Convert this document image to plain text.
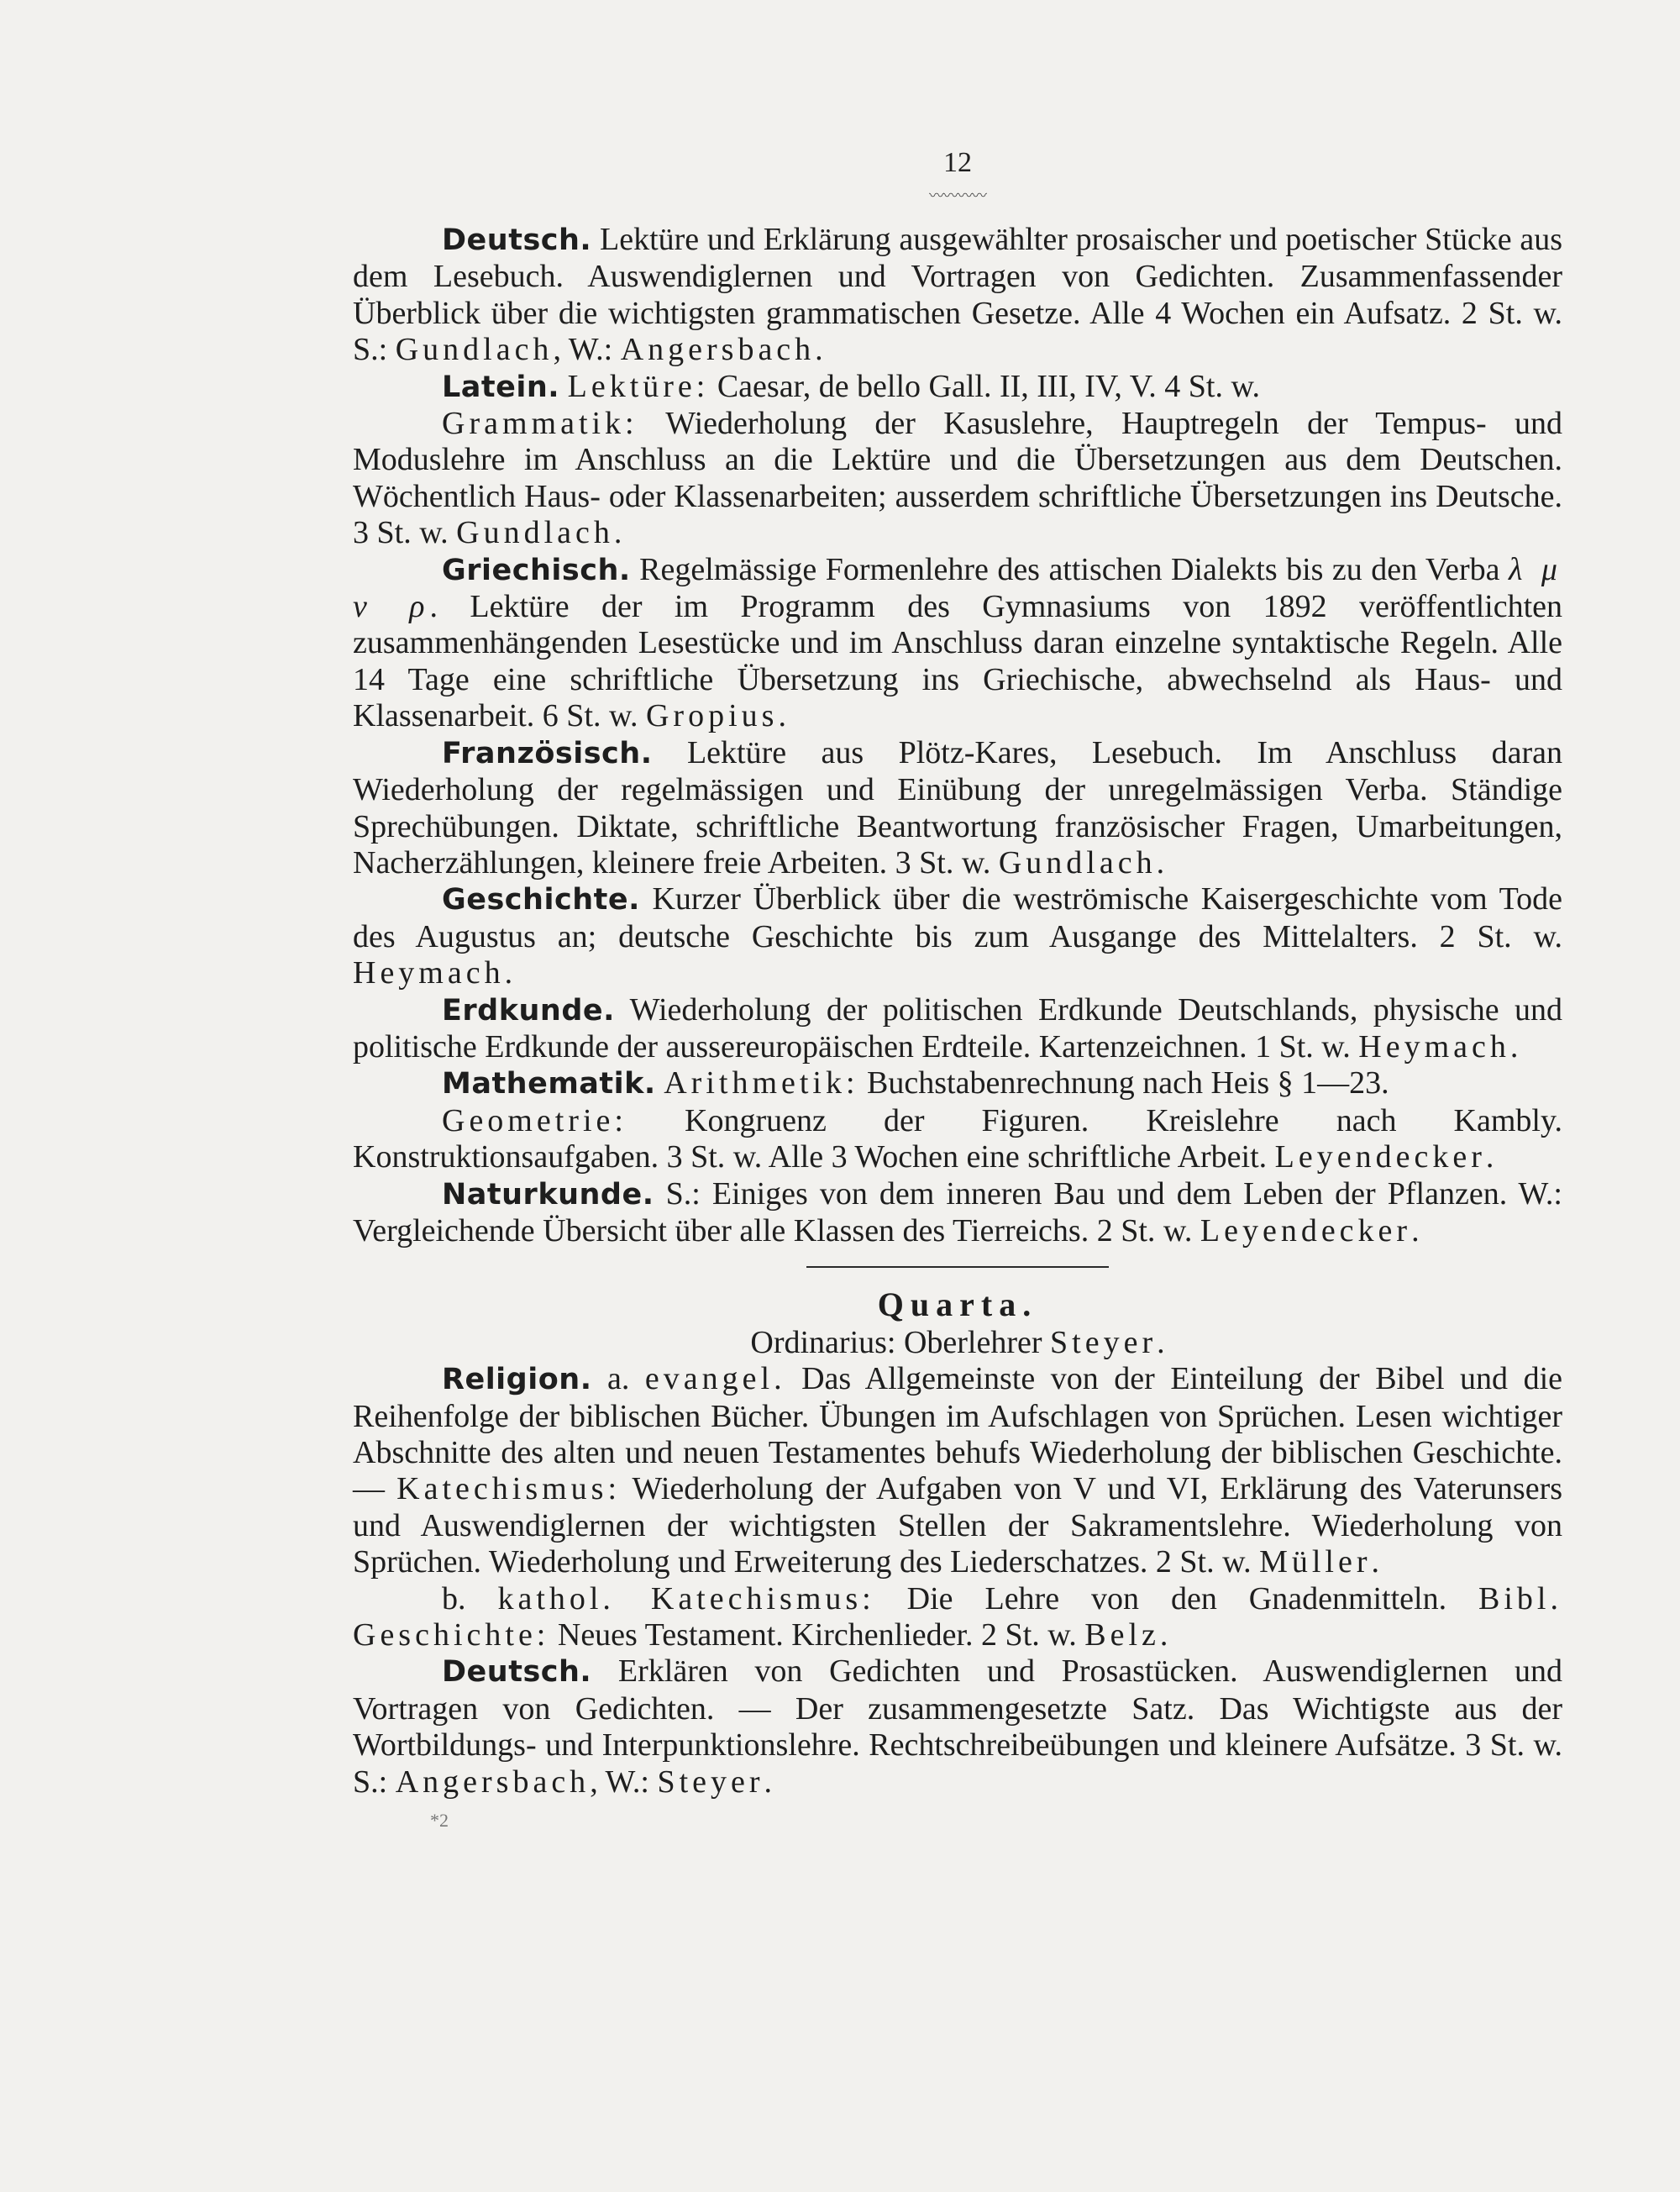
12
〰〰〰〰

Deutsch. Lektüre und Erklärung ausgewählter prosaischer und poetischer Stücke aus dem Lesebuch. Auswendiglernen und Vortragen von Gedichten. Zusammenfassender Überblick über die wichtigsten grammatischen Gesetze. Alle 4 Wochen ein Aufsatz. 2 St. w. S.: Gundlach, W.: Angersbach.

Latein. Lektüre: Caesar, de bello Gall. II, III, IV, V. 4 St. w.

Grammatik: Wiederholung der Kasuslehre, Hauptregeln der Tempus- und Moduslehre im Anschluss an die Lektüre und die Übersetzungen aus dem Deutschen. Wöchentlich Haus- oder Klassenarbeiten; ausserdem schriftliche Übersetzungen ins Deutsche. 3 St. w. Gundlach.

Griechisch. Regelmässige Formenlehre des attischen Dialekts bis zu den Verba λ μ ν ρ. Lektüre der im Programm des Gymnasiums von 1892 veröffentlichten zusammenhängenden Lesestücke und im Anschluss daran einzelne syntaktische Regeln. Alle 14 Tage eine schriftliche Übersetzung ins Griechische, abwechselnd als Haus- und Klassenarbeit. 6 St. w. Gropius.

Französisch. Lektüre aus Plötz-Kares, Lesebuch. Im Anschluss daran Wiederholung der regelmässigen und Einübung der unregelmässigen Verba. Ständige Sprechübungen. Diktate, schriftliche Beantwortung französischer Fragen, Umarbeitungen, Nacherzählungen, kleinere freie Arbeiten. 3 St. w. Gundlach.

Geschichte. Kurzer Überblick über die weströmische Kaisergeschichte vom Tode des Augustus an; deutsche Geschichte bis zum Ausgange des Mittelalters. 2 St. w. Heymach.

Erdkunde. Wiederholung der politischen Erdkunde Deutschlands, physische und politische Erdkunde der aussereuropäischen Erdteile. Kartenzeichnen. 1 St. w. Heymach.

Mathematik. Arithmetik: Buchstabenrechnung nach Heis § 1—23.

Geometrie: Kongruenz der Figuren. Kreislehre nach Kambly. Konstruktionsaufgaben. 3 St. w. Alle 3 Wochen eine schriftliche Arbeit. Leyendecker.

Naturkunde. S.: Einiges von dem inneren Bau und dem Leben der Pflanzen. W.: Vergleichende Übersicht über alle Klassen des Tierreichs. 2 St. w. Leyendecker.

Quarta.

Ordinarius: Oberlehrer Steyer.

Religion. a. evangel. Das Allgemeinste von der Einteilung der Bibel und die Reihenfolge der biblischen Bücher. Übungen im Aufschlagen von Sprüchen. Lesen wichtiger Abschnitte des alten und neuen Testamentes behufs Wiederholung der biblischen Geschichte. — Katechismus: Wiederholung der Aufgaben von V und VI, Erklärung des Vaterunsers und Auswendiglernen der wichtigsten Stellen der Sakramentslehre. Wiederholung von Sprüchen. Wiederholung und Erweiterung des Liederschatzes. 2 St. w. Müller.

b. kathol. Katechismus: Die Lehre von den Gnadenmitteln. Bibl. Geschichte: Neues Testament. Kirchenlieder. 2 St. w. Belz.

Deutsch. Erklären von Gedichten und Prosastücken. Auswendiglernen und Vortragen von Gedichten. — Der zusammengesetzte Satz. Das Wichtigste aus der Wortbildungs- und Interpunktionslehre. Rechtschreibeübungen und kleinere Aufsätze. 3 St. w. S.: Angersbach, W.: Steyer.

*2
